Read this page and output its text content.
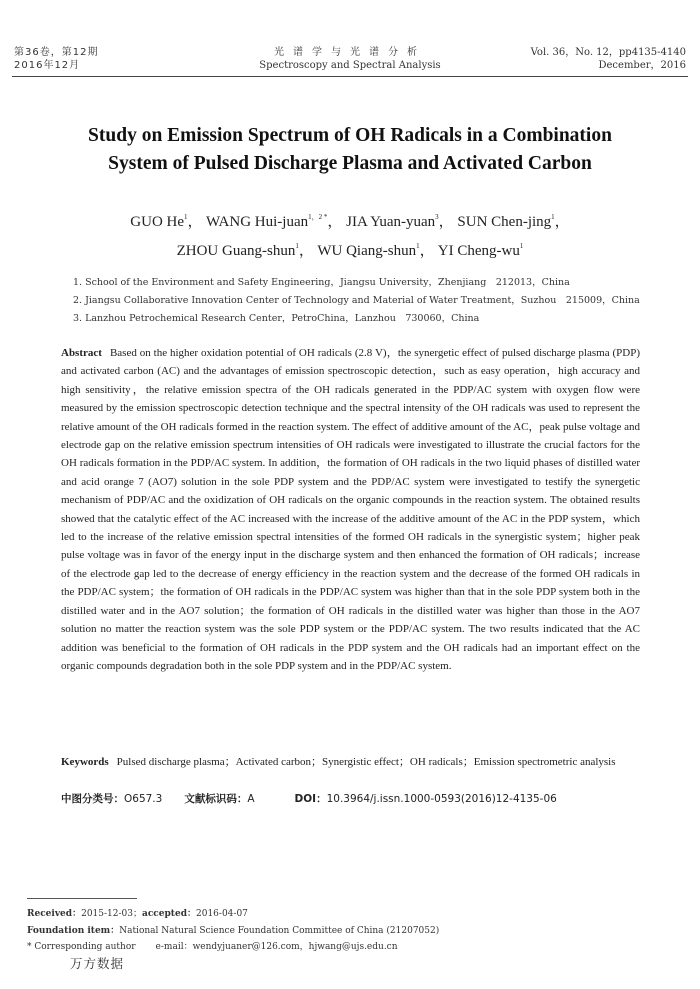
第36卷，第12期
2016年12月
光谱学与光谱分析
Spectroscopy and Spectral Analysis
Vol. 36，No. 12，pp4135-4140
December，2016
Study on Emission Spectrum of OH Radicals in a Combination
System of Pulsed Discharge Plasma and Activated Carbon
GUO He$^1$， WANG Hui-juan$^{1,2 *}$， JIA Yuan-yuan$^3$， SUN Chen-jing$^1$，
ZHOU Guang-shun$^1$， WU Qiang-shun$^1$， YI Cheng-$wu^1$
1. School of the Environment and Safety Engineering，Jiangsu University，Zhenjiang　212013，China
2. Jiangsu Collaborative Innovation Center of Technology and Material of Water Treatment，Suzhou　215009，China
3. Lanzhou Petrochemical Research Center，PetroChina，Lanzhou　730060，China
Abstract Based on the higher oxidation potential of OH radicals (2.8 V)，the synergetic effect of pulsed discharge plasma (PDP) and activated carbon (AC) and the advantages of emission spectroscopic detection，such as easy operation，high accuracy and high sensitivity，the relative emission spectra of the OH radicals generated in the PDP/AC system with oxygen flow were measured by the emission spectroscopic detection technique and the spectral intensity of the OH radicals was used to represent the relative amount of the OH radicals formed in the reaction system. The effect of additive amount of the AC，peak pulse voltage and electrode gap on the relative emission spectrum intensities of OH radicals were investigated to illustrate the crucial factors for the OH radicals formation in the PDP/AC system. In addition，the formation of OH radicals in the two liquid phases of distilled water and acid orange 7 (AO7) solution in the sole PDP system and the PDP/AC system were investigated to testify the synergetic mechanism of PDP/AC and the oxidization of OH radicals on the organic compounds in the reaction system. The obtained results showed that the catalytic effect of the AC increased with the increase of the additive amount of the AC in the PDP system，which led to the increase of the relative emission spectral intensities of the formed OH radicals in the synergistic system；higher peak pulse voltage was in favor of the energy input in the discharge system and then enhanced the formation of OH radicals；increase of the electrode gap led to the decrease of energy efficiency in the reaction system and the decrease of the formed OH radicals in the PDP/AC system；the formation of OH radicals in the PDP/AC system was higher than that in the sole PDP system both in the distilled water and in the AO7 solution；the formation of OH radicals in the distilled water was higher than those in the AO7 solution no matter the reaction system was the sole PDP system or the PDP/AC system. The two results indicated that the AC addition was beneficial to the formation of OH radicals in the PDP system and the OH radicals had an important effect on the organic compounds degradation both in the sole PDP system and in the PDP/AC system.
Keywords Pulsed discharge plasma；Activated carbon；Synergistic effect；OH radicals；Emission spectrometric analysis
中图分类号：O657.3 文献标识码：A	DOI：10.3964/j.issn.1000-0593(2016)12-4135-06
Received：2015-12-03；accepted：2016-04-07
Foundation item：National Natural Science Foundation Committee of China (21207052)
* Corresponding author e-mail：wendyjuaner@126.com，hjwang@ujs.edu.cn
万方数据
